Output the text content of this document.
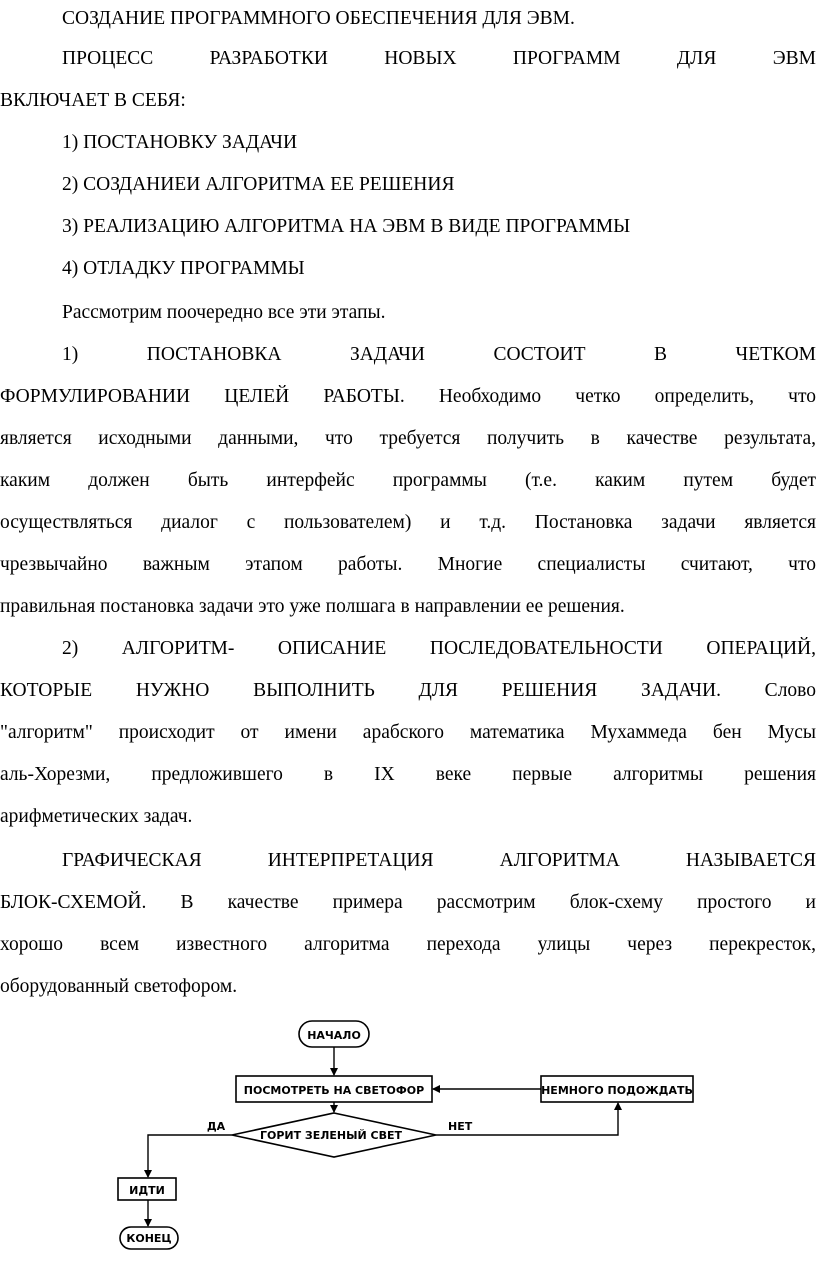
СОЗДАНИЕ ПРОГРАММНОГО ОБЕСПЕЧЕНИЯ ДЛЯ ЭВМ.
ПРОЦЕСС РАЗРАБОТКИ НОВЫХ ПРОГРАММ ДЛЯ ЭВМ
ВКЛЮЧАЕТ В СЕБЯ:
1) ПОСТАНОВКУ ЗАДАЧИ
2) СОЗДАНИЕИ АЛГОРИТМА ЕЕ РЕШЕНИЯ
3) РЕАЛИЗАЦИЮ АЛГОРИТМА НА ЭВМ В ВИДЕ ПРОГРАММЫ
4) ОТЛАДКУ ПРОГРАММЫ
Рассмотрим поочередно все эти этапы.
1) ПОСТАНОВКА ЗАДАЧИ СОСТОИТ В ЧЕТКОМ
ФОРМУЛИРОВАНИИ ЦЕЛЕЙ РАБОТЫ. Необходимо четко определить, что
является исходными данными, что требуется получить в качестве результата,
каким должен быть интерфейс программы (т.е. каким путем будет
осуществляться диалог с пользователем) и т.д. Постановка задачи является
чрезвычайно важным этапом работы. Многие специалисты считают, что
правильная постановка задачи это уже полшага в направлении ее решения.
2) АЛГОРИТМ- ОПИСАНИЕ ПОСЛЕДОВАТЕЛЬНОСТИ ОПЕРАЦИЙ,
КОТОРЫЕ НУЖНО ВЫПОЛНИТЬ ДЛЯ РЕШЕНИЯ ЗАДАЧИ. Слово
"алгоритм" происходит от имени арабского математика Мухаммеда бен Мусы
аль-Хорезми, предложившего в IX веке первые алгоритмы решения
арифметических задач.
ГРАФИЧЕСКАЯ ИНТЕРПРЕТАЦИЯ АЛГОРИТМА НАЗЫВАЕТСЯ
БЛОК-СХЕМОЙ. В качестве примера рассмотрим блок-схему простого и
хорошо всем известного алгоритма перехода улицы через перекресток,
оборудованный светофором.
НАЧАЛО
ПОСМОТРЕТЬ НА СВЕТОФОР
ГОРИТ ЗЕЛЕНЫЙ СВЕТ
НЕТ
НЕМНОГО ПОДОЖДАТЬ
ДА
ИДТИ
КОНЕЦ
